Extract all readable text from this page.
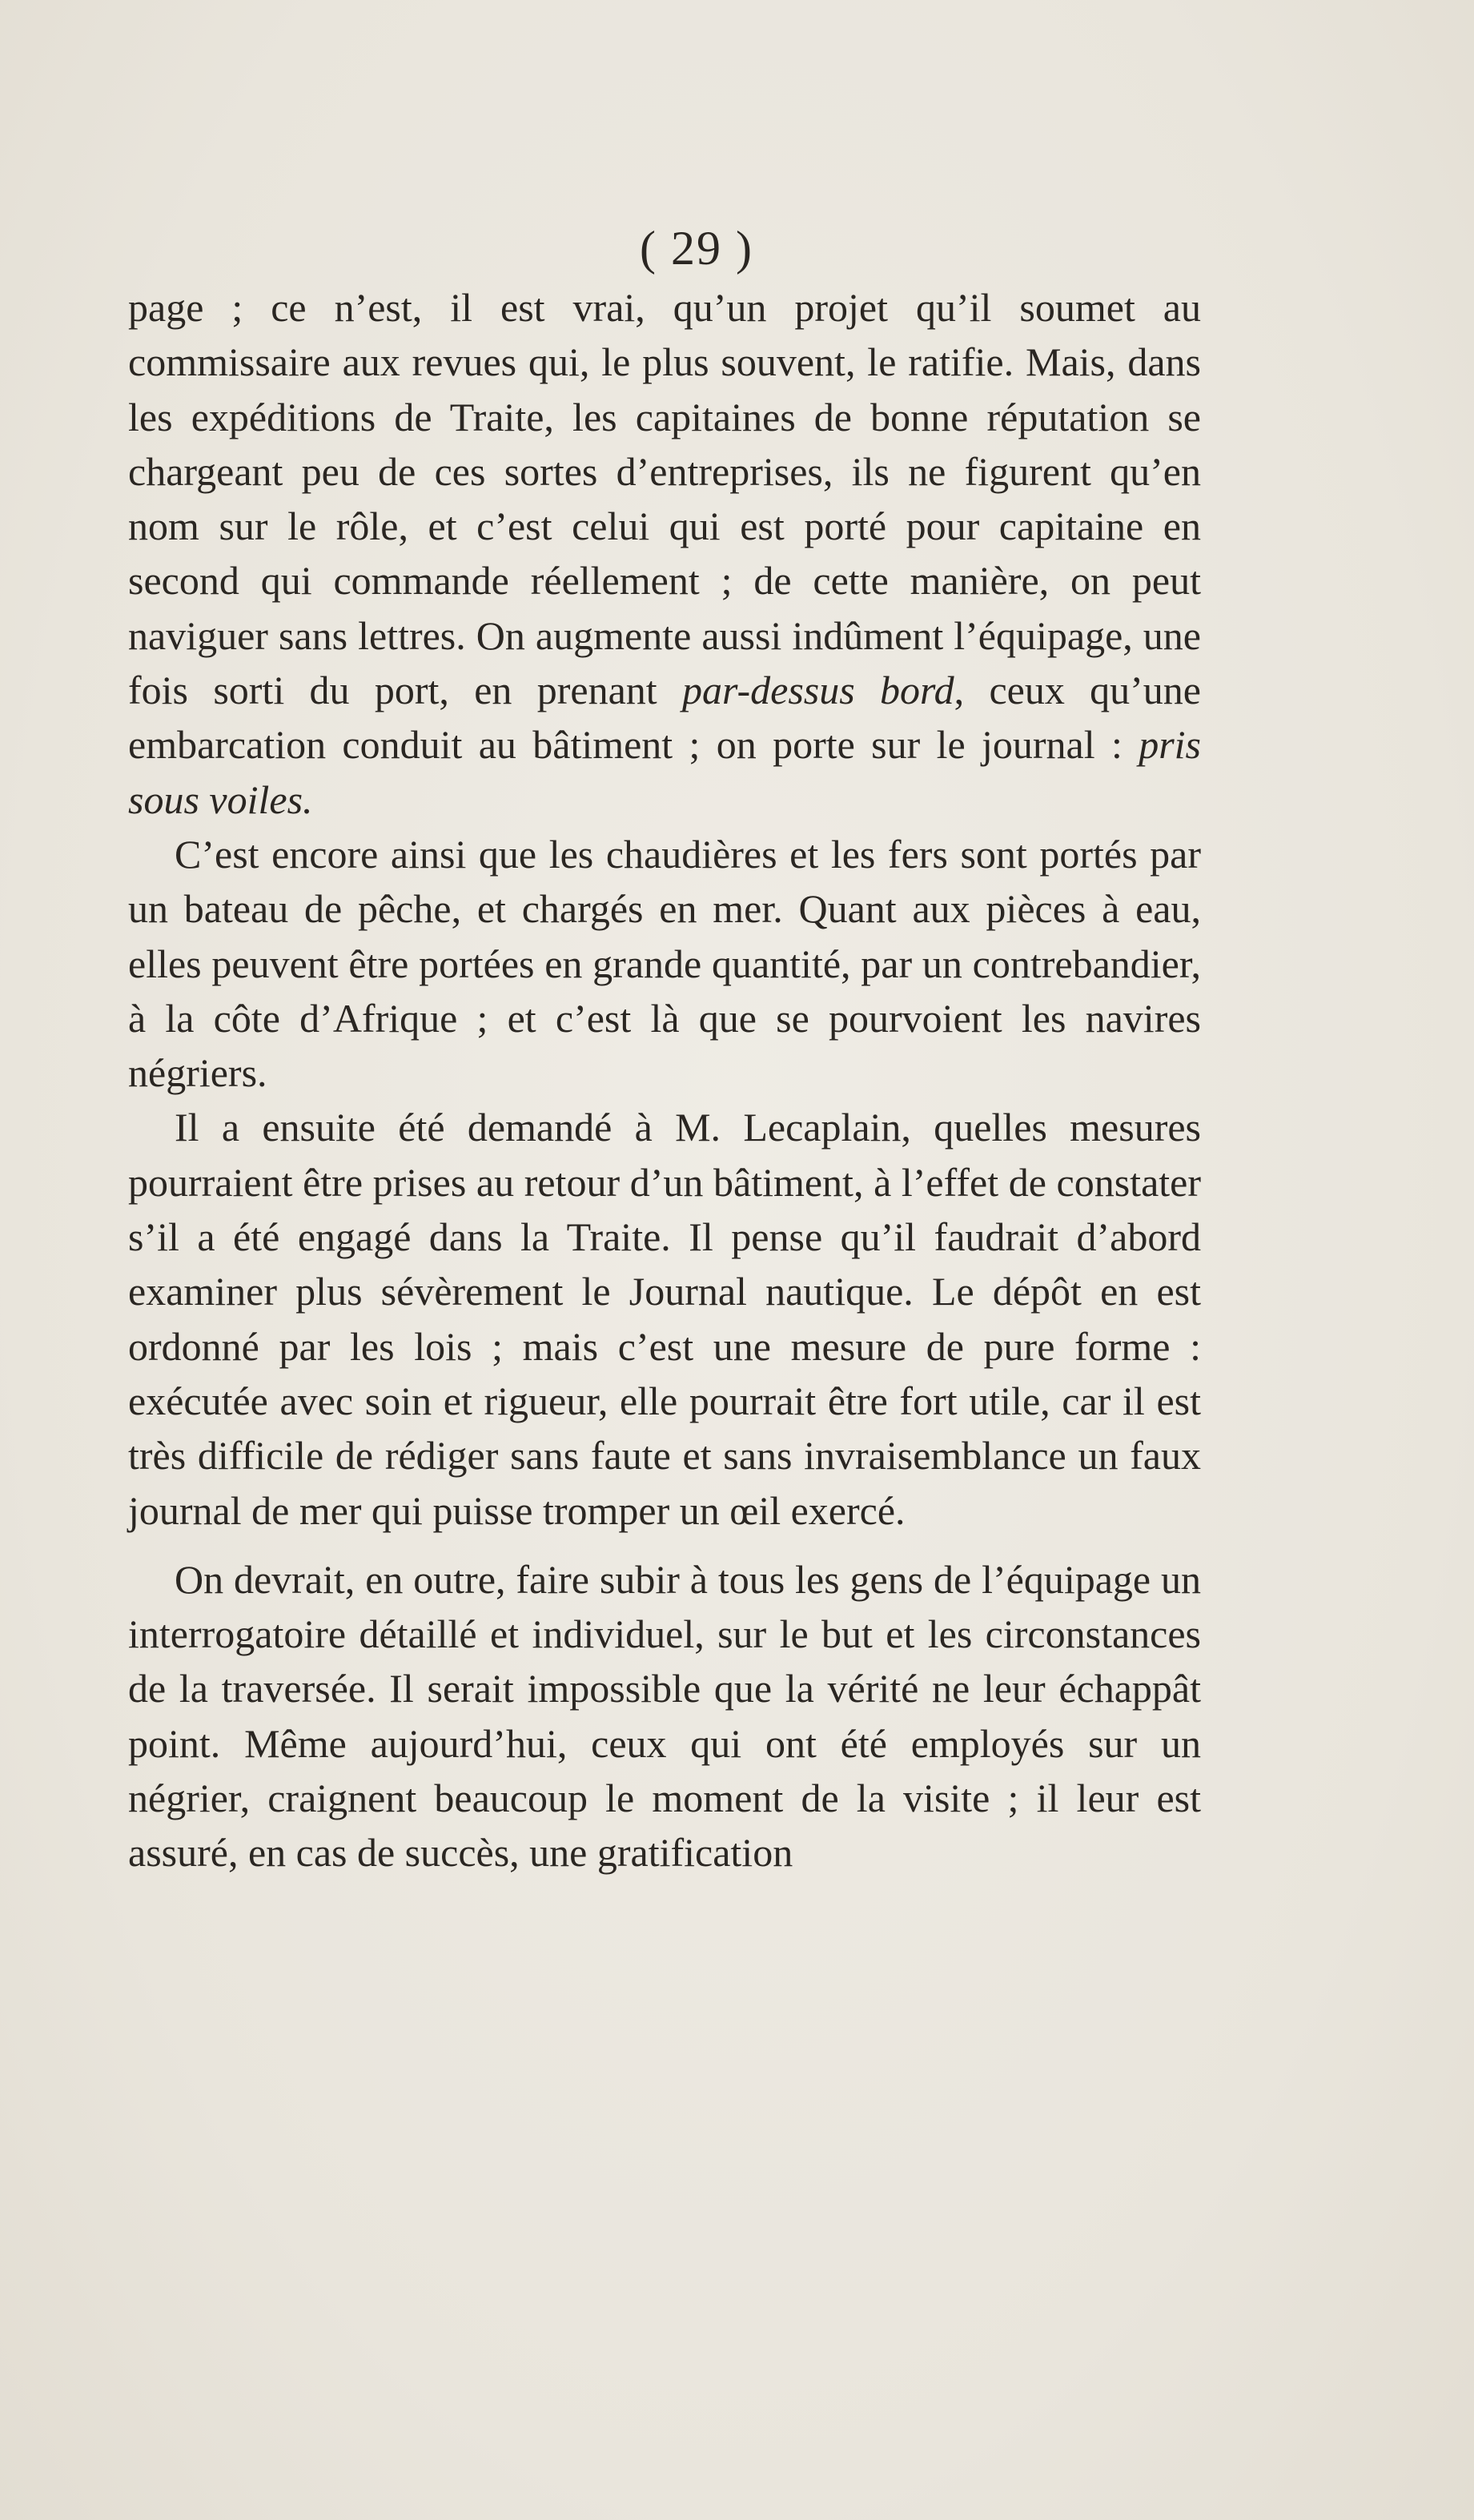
( 29 )

page ; ce n’est, il est vrai, qu’un projet qu’il soumet au commissaire aux revues qui, le plus souvent, le ratifie. Mais, dans les expéditions de Traite, les capitaines de bonne réputation se chargeant peu de ces sortes d’entreprises, ils ne figurent qu’en nom sur le rôle, et c’est celui qui est porté pour capitaine en second qui commande réellement ; de cette manière, on peut naviguer sans lettres. On augmente aussi indûment l’équipage, une fois sorti du port, en prenant par-dessus bord, ceux qu’une embarcation conduit au bâtiment ; on porte sur le journal : pris sous voiles.

C’est encore ainsi que les chaudières et les fers sont portés par un bateau de pêche, et chargés en mer. Quant aux pièces à eau, elles peuvent être portées en grande quantité, par un contrebandier, à la côte d’Afrique ; et c’est là que se pourvoient les navires négriers.

Il a ensuite été demandé à M. Lecaplain, quelles mesures pourraient être prises au retour d’un bâtiment, à l’effet de constater s’il a été engagé dans la Traite. Il pense qu’il faudrait d’abord examiner plus sévèrement le Journal nautique. Le dépôt en est ordonné par les lois ; mais c’est une mesure de pure forme : exécutée avec soin et rigueur, elle pourrait être fort utile, car il est très difficile de rédiger sans faute et sans invraisemblance un faux journal de mer qui puisse tromper un œil exercé.

On devrait, en outre, faire subir à tous les gens de l’équipage un interrogatoire détaillé et individuel, sur le but et les circonstances de la traversée. Il serait impossible que la vérité ne leur échappât point. Même aujourd’hui, ceux qui ont été employés sur un négrier, craignent beaucoup le moment de la visite ; il leur est assuré, en cas de succès, une gratification
